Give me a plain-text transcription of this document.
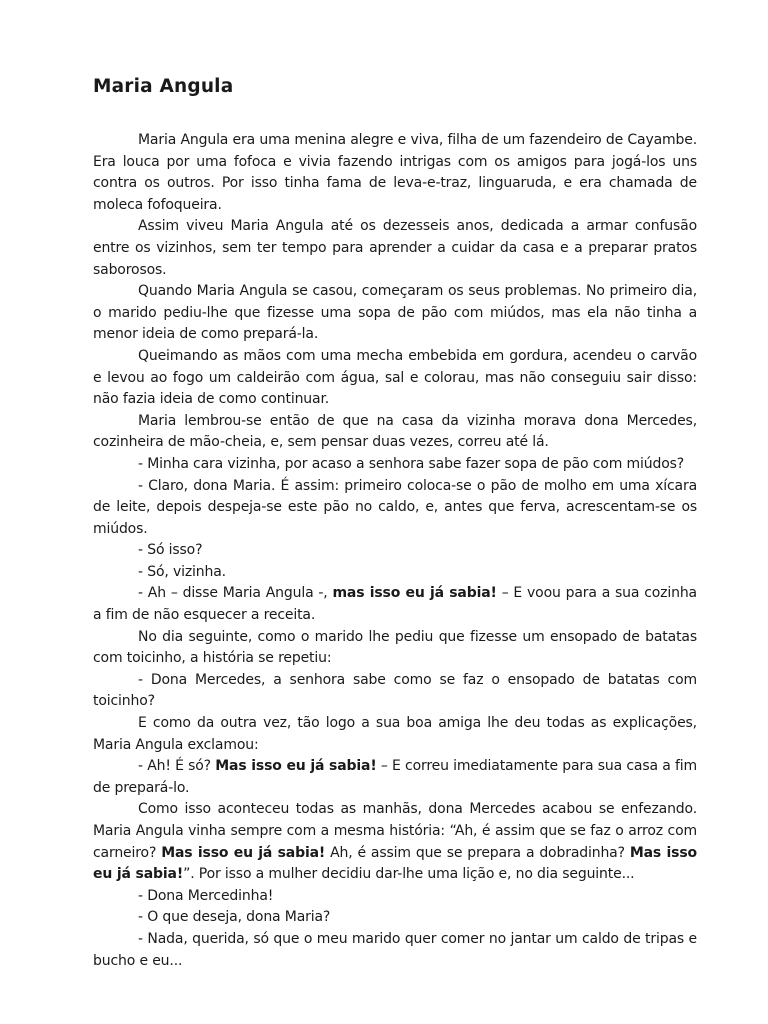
Maria Angula

Maria Angula era uma menina alegre e viva, filha de um fazendeiro de Cayambe. Era louca por uma fofoca e vivia fazendo intrigas com os amigos para jogá-los uns contra os outros. Por isso tinha fama de leva-e-traz, linguaruda, e era chamada de moleca fofoqueira.

Assim viveu Maria Angula até os dezesseis anos, dedicada a armar confusão entre os vizinhos, sem ter tempo para aprender a cuidar da casa e a preparar pratos saborosos.

Quando Maria Angula se casou, começaram os seus problemas. No primeiro dia, o marido pediu-lhe que fizesse uma sopa de pão com miúdos, mas ela não tinha a menor ideia de como prepará-la.

Queimando as mãos com uma mecha embebida em gordura, acendeu o carvão e levou ao fogo um caldeirão com água, sal e colorau, mas não conseguiu sair disso: não fazia ideia de como continuar.

Maria lembrou-se então de que na casa da vizinha morava dona Mercedes, cozinheira de mão-cheia, e, sem pensar duas vezes, correu até lá.

- Minha cara vizinha, por acaso a senhora sabe fazer sopa de pão com miúdos?

- Claro, dona Maria. É assim: primeiro coloca-se o pão de molho em uma xícara de leite, depois despeja-se este pão no caldo, e, antes que ferva, acrescentam-se os miúdos.

- Só isso?

- Só, vizinha.

- Ah – disse Maria Angula -, mas isso eu já sabia! – E voou para a sua cozinha a fim de não esquecer a receita.

No dia seguinte, como o marido lhe pediu que fizesse um ensopado de batatas com toicinho, a história se repetiu:

- Dona Mercedes, a senhora sabe como se faz o ensopado de batatas com toicinho?

E como da outra vez, tão logo a sua boa amiga lhe deu todas as explicações, Maria Angula exclamou:

- Ah! É só? Mas isso eu já sabia! – E correu imediatamente para sua casa a fim de prepará-lo.

Como isso aconteceu todas as manhãs, dona Mercedes acabou se enfezando. Maria Angula vinha sempre com a mesma história: “Ah, é assim que se faz o arroz com carneiro? Mas isso eu já sabia! Ah, é assim que se prepara a dobradinha? Mas isso eu já sabia!”. Por isso a mulher decidiu dar-lhe uma lição e, no dia seguinte...

- Dona Mercedinha!

- O que deseja, dona Maria?

- Nada, querida, só que o meu marido quer comer no jantar um caldo de tripas e bucho e eu...
